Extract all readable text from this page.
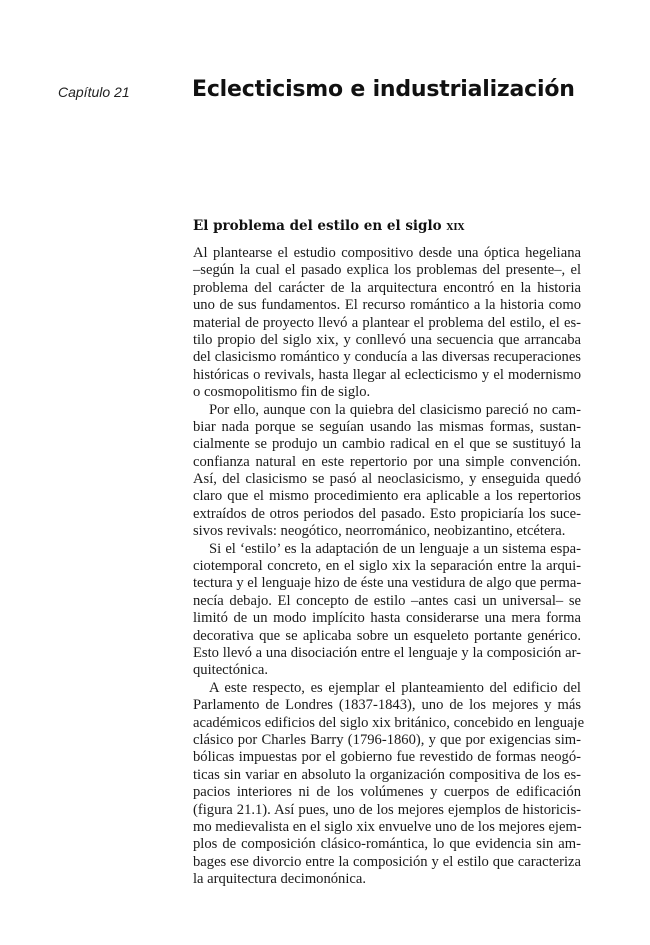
Capítulo 21	Eclecticismo e industrialización
El problema del estilo en el siglo xix
Al plantearse el estudio compositivo desde una óptica hegeliana
–según la cual el pasado explica los problemas del presente–, el
problema del carácter de la arquitectura encontró en la historia
uno de sus fundamentos. El recurso romántico a la historia como
material de proyecto llevó a plantear el problema del estilo, el es-
tilo propio del siglo xix, y conllevó una secuencia que arrancaba
del clasicismo romántico y conducía a las diversas recuperaciones
históricas o revivals, hasta llegar al eclecticismo y el modernismo
o cosmopolitismo fin de siglo.
Por ello, aunque con la quiebra del clasicismo pareció no cam-
biar nada porque se seguían usando las mismas formas, sustan-
cialmente se produjo un cambio radical en el que se sustituyó la
confianza natural en este repertorio por una simple convención.
Así, del clasicismo se pasó al neoclasicismo, y enseguida quedó
claro que el mismo procedimiento era aplicable a los repertorios
extraídos de otros periodos del pasado. Esto propiciaría los suce-
sivos revivals: neogótico, neorrománico, neobizantino, etcétera.
Si el ‘estilo’ es la adaptación de un lenguaje a un sistema espa-
ciotemporal concreto, en el siglo xix la separación entre la arqui-
tectura y el lenguaje hizo de éste una vestidura de algo que perma-
necía debajo. El concepto de estilo –antes casi un universal– se
limitó de un modo implícito hasta considerarse una mera forma
decorativa que se aplicaba sobre un esqueleto portante genérico.
Esto llevó a una disociación entre el lenguaje y la composición ar-
quitectónica.
A este respecto, es ejemplar el planteamiento del edificio del
Parlamento de Londres (1837-1843), uno de los mejores y más
académicos edificios del siglo xix británico, concebido en lenguaje
clásico por Charles Barry (1796-1860), y que por exigencias sim-
bólicas impuestas por el gobierno fue revestido de formas neogó-
ticas sin variar en absoluto la organización compositiva de los es-
pacios interiores ni de los volúmenes y cuerpos de edificación
(figura 21.1). Así pues, uno de los mejores ejemplos de historicis-
mo medievalista en el siglo xix envuelve uno de los mejores ejem-
plos de composición clásico-romántica, lo que evidencia sin am-
bages ese divorcio entre la composición y el estilo que caracteriza
la arquitectura decimonónica.
